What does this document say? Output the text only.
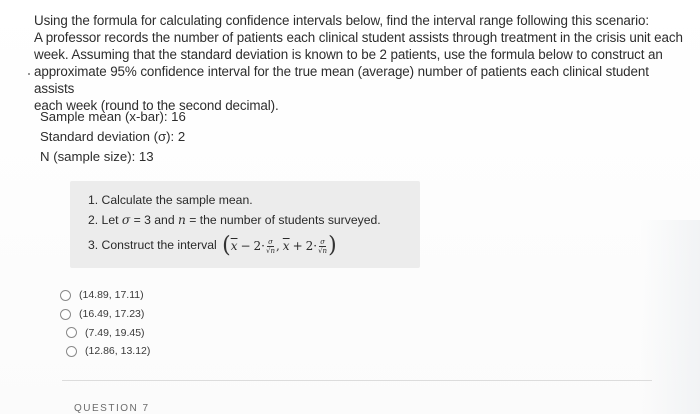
Using the formula for calculating confidence intervals below, find the interval range following this scenario:

A professor records the number of patients each clinical student assists through treatment in the crisis unit each

week. Assuming that the standard deviation is known to be 2 patients, use the formula below to construct an

approximate 95% confidence interval for the true mean (average) number of patients each clinical student assists

each week (round to the second decimal).

Sample mean (x-bar): 16
Standard deviation (σ): 2
N (sample size): 13
1. Calculate the sample mean.
2. Let σ = 3 and n = the number of students surveyed.
3. Construct the interval ( $\overline{x} - 2\cdot \frac{\sigma}{√n}$ , $\overline{x} + 2\cdot \frac{\sigma}{√n}$ )
(14.89, 17.11)
(16.49, 17.23)
(7.49, 19.45)
(12.86, 13.12)
QUESTION 7
